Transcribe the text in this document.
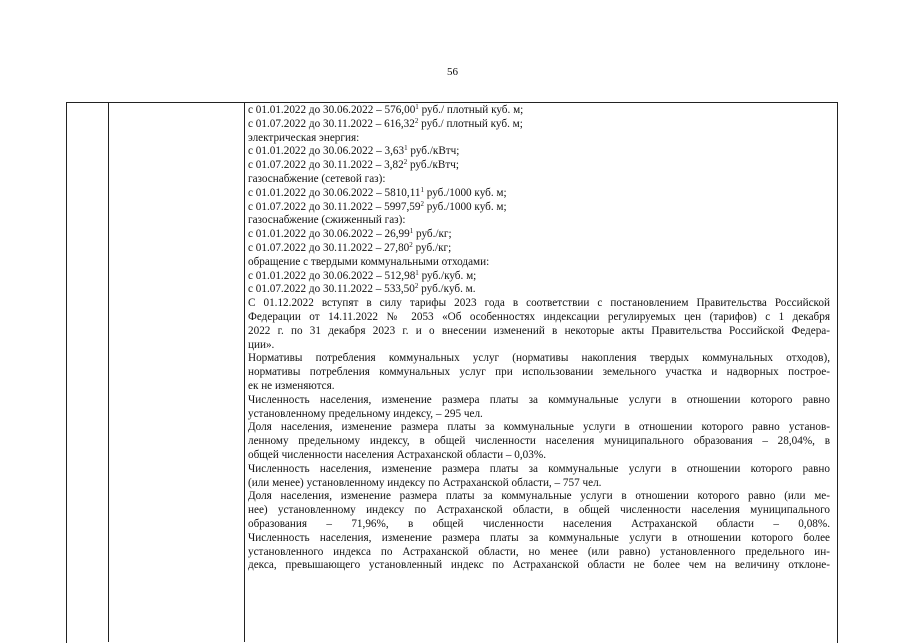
56
с 01.01.2022 до 30.06.2022 – 576,00$^1$ руб./ плотный куб. м;
с 01.07.2022 до 30.11.2022 – 616,32$^2$ руб./ плотный куб. м;
электрическая энергия:
с 01.01.2022 до 30.06.2022 – 3,63$^1$ руб./кВтч;
с 01.07.2022 до 30.11.2022 – 3,82$^2$ руб./кВтч;
газоснабжение (сетевой газ):
с 01.01.2022 до 30.06.2022 – 5810,11$^1$ руб./1000 куб. м;
с 01.07.2022 до 30.11.2022 – 5997,59$^2$ руб./1000 куб. м;
газоснабжение (сжиженный газ):
с 01.01.2022 до 30.06.2022 – 26,99$^1$ руб./кг;
с 01.07.2022 до 30.11.2022 – 27,80$^2$ руб./кг;
обращение с твердыми коммунальными отходами:
с 01.01.2022 до 30.06.2022 – 512,98$^1$ руб./куб. м;
с 01.07.2022 до 30.11.2022 – 533,50$^2$ руб./куб. м.
С 01.12.2022 вступят в силу тарифы 2023 года в соответствии с постановлением Правительства Российской
Федерации от 14.11.2022 № 2053 «Об особенностях индексации регулируемых цен (тарифов) с 1 декабря
2022 г. по 31 декабря 2023 г. и о внесении изменений в некоторые акты Правительства Российской Федера-
ции».
Нормативы потребления коммунальных услуг (нормативы накопления твердых коммунальных отходов),
нормативы потребления коммунальных услуг при использовании земельного участка и надворных построе-
ек не изменяются.
Численность населения, изменение размера платы за коммунальные услуги в отношении которого равно
установленному предельному индексу, – 295 чел.
Доля населения, изменение размера платы за коммунальные услуги в отношении которого равно установ-
ленному предельному индексу, в общей численности населения муниципального образования – 28,04%, в
общей численности населения Астраханской области – 0,03%.
Численность населения, изменение размера платы за коммунальные услуги в отношении которого равно
(или менее) установленному индексу по Астраханской области, – 757 чел.
Доля населения, изменение размера платы за коммунальные услуги в отношении которого равно (или ме-
нее) установленному индексу по Астраханской области, в общей численности населения муниципального
образования – 71,96%, в общей численности населения Астраханской области – 0,08%.
Численность населения, изменение размера платы за коммунальные услуги в отношении которого более
установленного индекса по Астраханской области, но менее (или равно) установленного предельного ин-
декса, превышающего установленный индекс по Астраханской области не более чем на величину отклоне-
